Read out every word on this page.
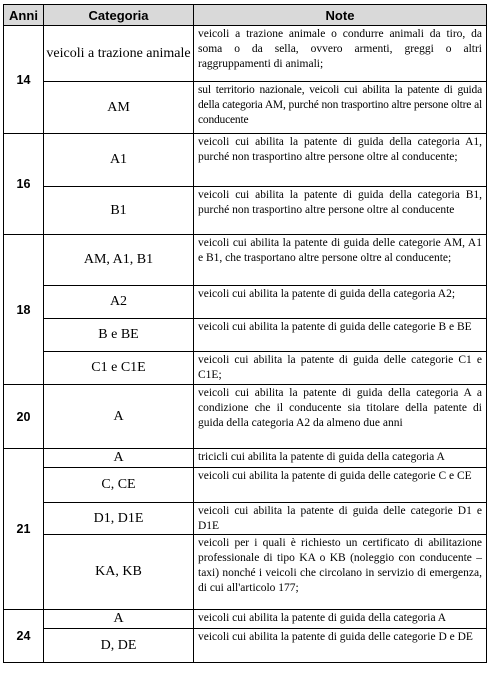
Anni	Categoria	Note
14	veicoli a trazione animale	veicoli a trazione animale o condurre animali da tiro, da soma o da sella, ovvero armenti, greggi o altri raggruppamenti di animali;
	AM	sul territorio nazionale, veicoli cui abilita la patente di guida della categoria AM, purché non trasportino altre persone oltre al conducente
16	A1	veicoli cui abilita la patente di guida della categoria A1, purché non trasportino altre persone oltre al conducente;
	B1	veicoli cui abilita la patente di guida della categoria B1, purché non trasportino altre persone oltre al conducente
18	AM, A1, B1	veicoli cui abilita la patente di guida delle categorie AM, A1 e B1, che trasportano altre persone oltre al conducente;
	A2	veicoli cui abilita la patente di guida della categoria A2;
	B e BE	veicoli cui abilita la patente di guida delle categorie B e BE
	C1 e C1E	veicoli cui abilita la patente di guida delle categorie C1 e C1E;
20	A	veicoli cui abilita la patente di guida della categoria A a condizione che il conducente sia titolare della patente di guida della categoria A2 da almeno due anni
21	A	tricicli cui abilita la patente di guida della categoria A
	C, CE	veicoli cui abilita la patente di guida delle categorie C e CE
	D1, D1E	veicoli cui abilita la patente di guida delle categorie D1 e D1E
	KA, KB	veicoli per i quali è richiesto un certificato di abilitazione professionale di tipo KA o KB (noleggio con conducente – taxi) nonché i veicoli che circolano in servizio di emergenza, di cui all'articolo 177;
24	A	veicoli cui abilita la patente di guida della categoria A
	D, DE	veicoli cui abilita la patente di guida delle categorie D e DE
